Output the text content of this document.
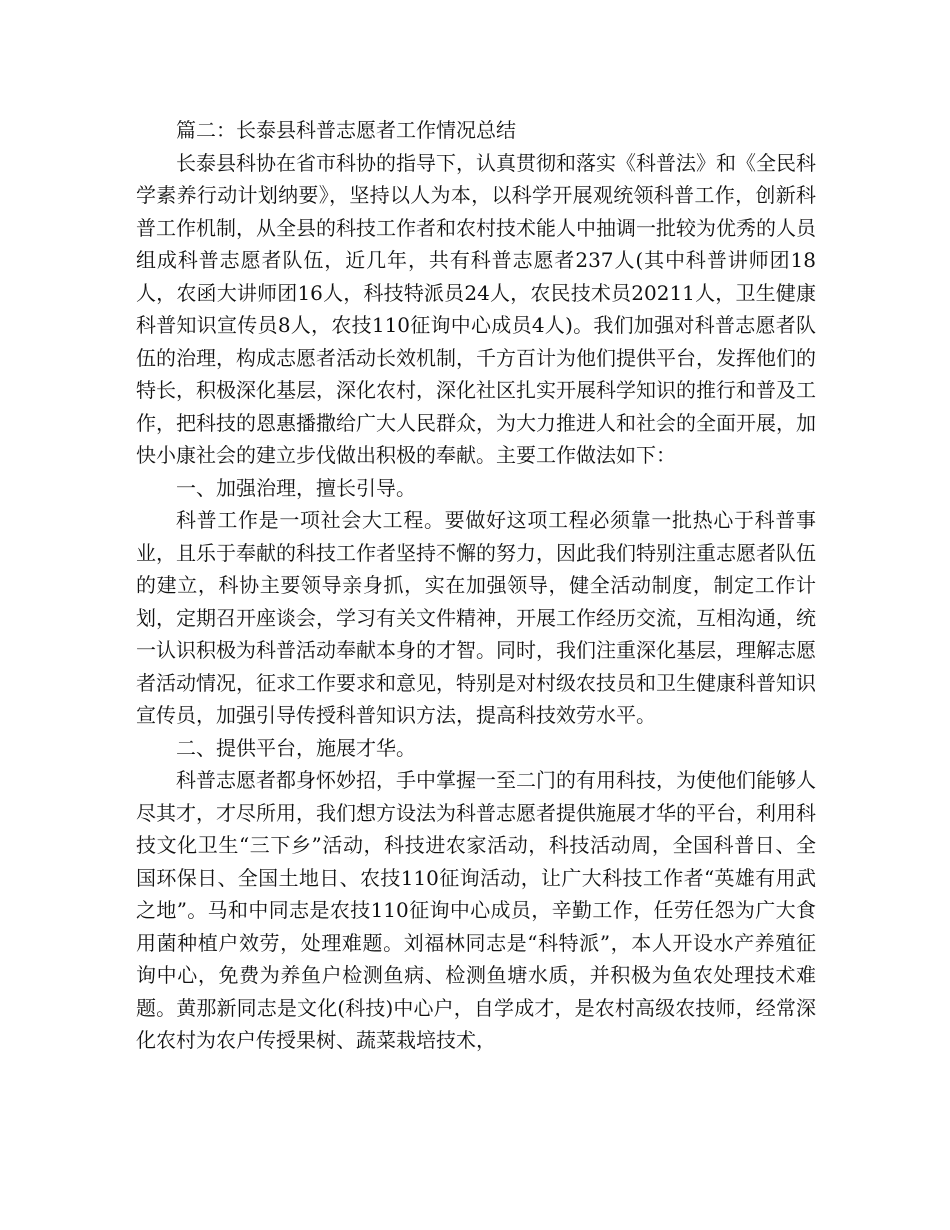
篇二：长泰县科普志愿者工作情况总结

长泰县科协在省市科协的指导下，认真贯彻和落实《科普法》和《全民科学素养行动计划纳要》，坚持以人为本，以科学开展观统领科普工作，创新科普工作机制，从全县的科技工作者和农村技术能人中抽调一批较为优秀的人员组成科普志愿者队伍，近几年，共有科普志愿者237人(其中科普讲师团18人，农函大讲师团16人，科技特派员24人，农民技术员20211人，卫生健康科普知识宣传员8人，农技110征询中心成员4人)。我们加强对科普志愿者队伍的治理，构成志愿者活动长效机制，千方百计为他们提供平台，发挥他们的特长，积极深化基层，深化农村，深化社区扎实开展科学知识的推行和普及工作，把科技的恩惠播撒给广大人民群众，为大力推进人和社会的全面开展，加快小康社会的建立步伐做出积极的奉献。主要工作做法如下：

一、加强治理，擅长引导。

科普工作是一项社会大工程。要做好这项工程必须靠一批热心于科普事业，且乐于奉献的科技工作者坚持不懈的努力，因此我们特别注重志愿者队伍的建立，科协主要领导亲身抓，实在加强领导，健全活动制度，制定工作计划，定期召开座谈会，学习有关文件精神，开展工作经历交流，互相沟通，统一认识积极为科普活动奉献本身的才智。同时，我们注重深化基层，理解志愿者活动情况，征求工作要求和意见，特别是对村级农技员和卫生健康科普知识宣传员，加强引导传授科普知识方法，提高科技效劳水平。

二、提供平台，施展才华。

科普志愿者都身怀妙招，手中掌握一至二门的有用科技，为使他们能够人尽其才，才尽所用，我们想方设法为科普志愿者提供施展才华的平台，利用科技文化卫生“三下乡”活动，科技进农家活动，科技活动周，全国科普日、全国环保日、全国土地日、农技110征询活动，让广大科技工作者“英雄有用武之地”。马和中同志是农技110征询中心成员，辛勤工作，任劳任怨为广大食用菌种植户效劳，处理难题。刘福林同志是“科特派”，本人开设水产养殖征询中心，免费为养鱼户检测鱼病、检测鱼塘水质，并积极为鱼农处理技术难题。黄那新同志是文化(科技)中心户，自学成才，是农村高级农技师，经常深化农村为农户传授果树、蔬菜栽培技术，
